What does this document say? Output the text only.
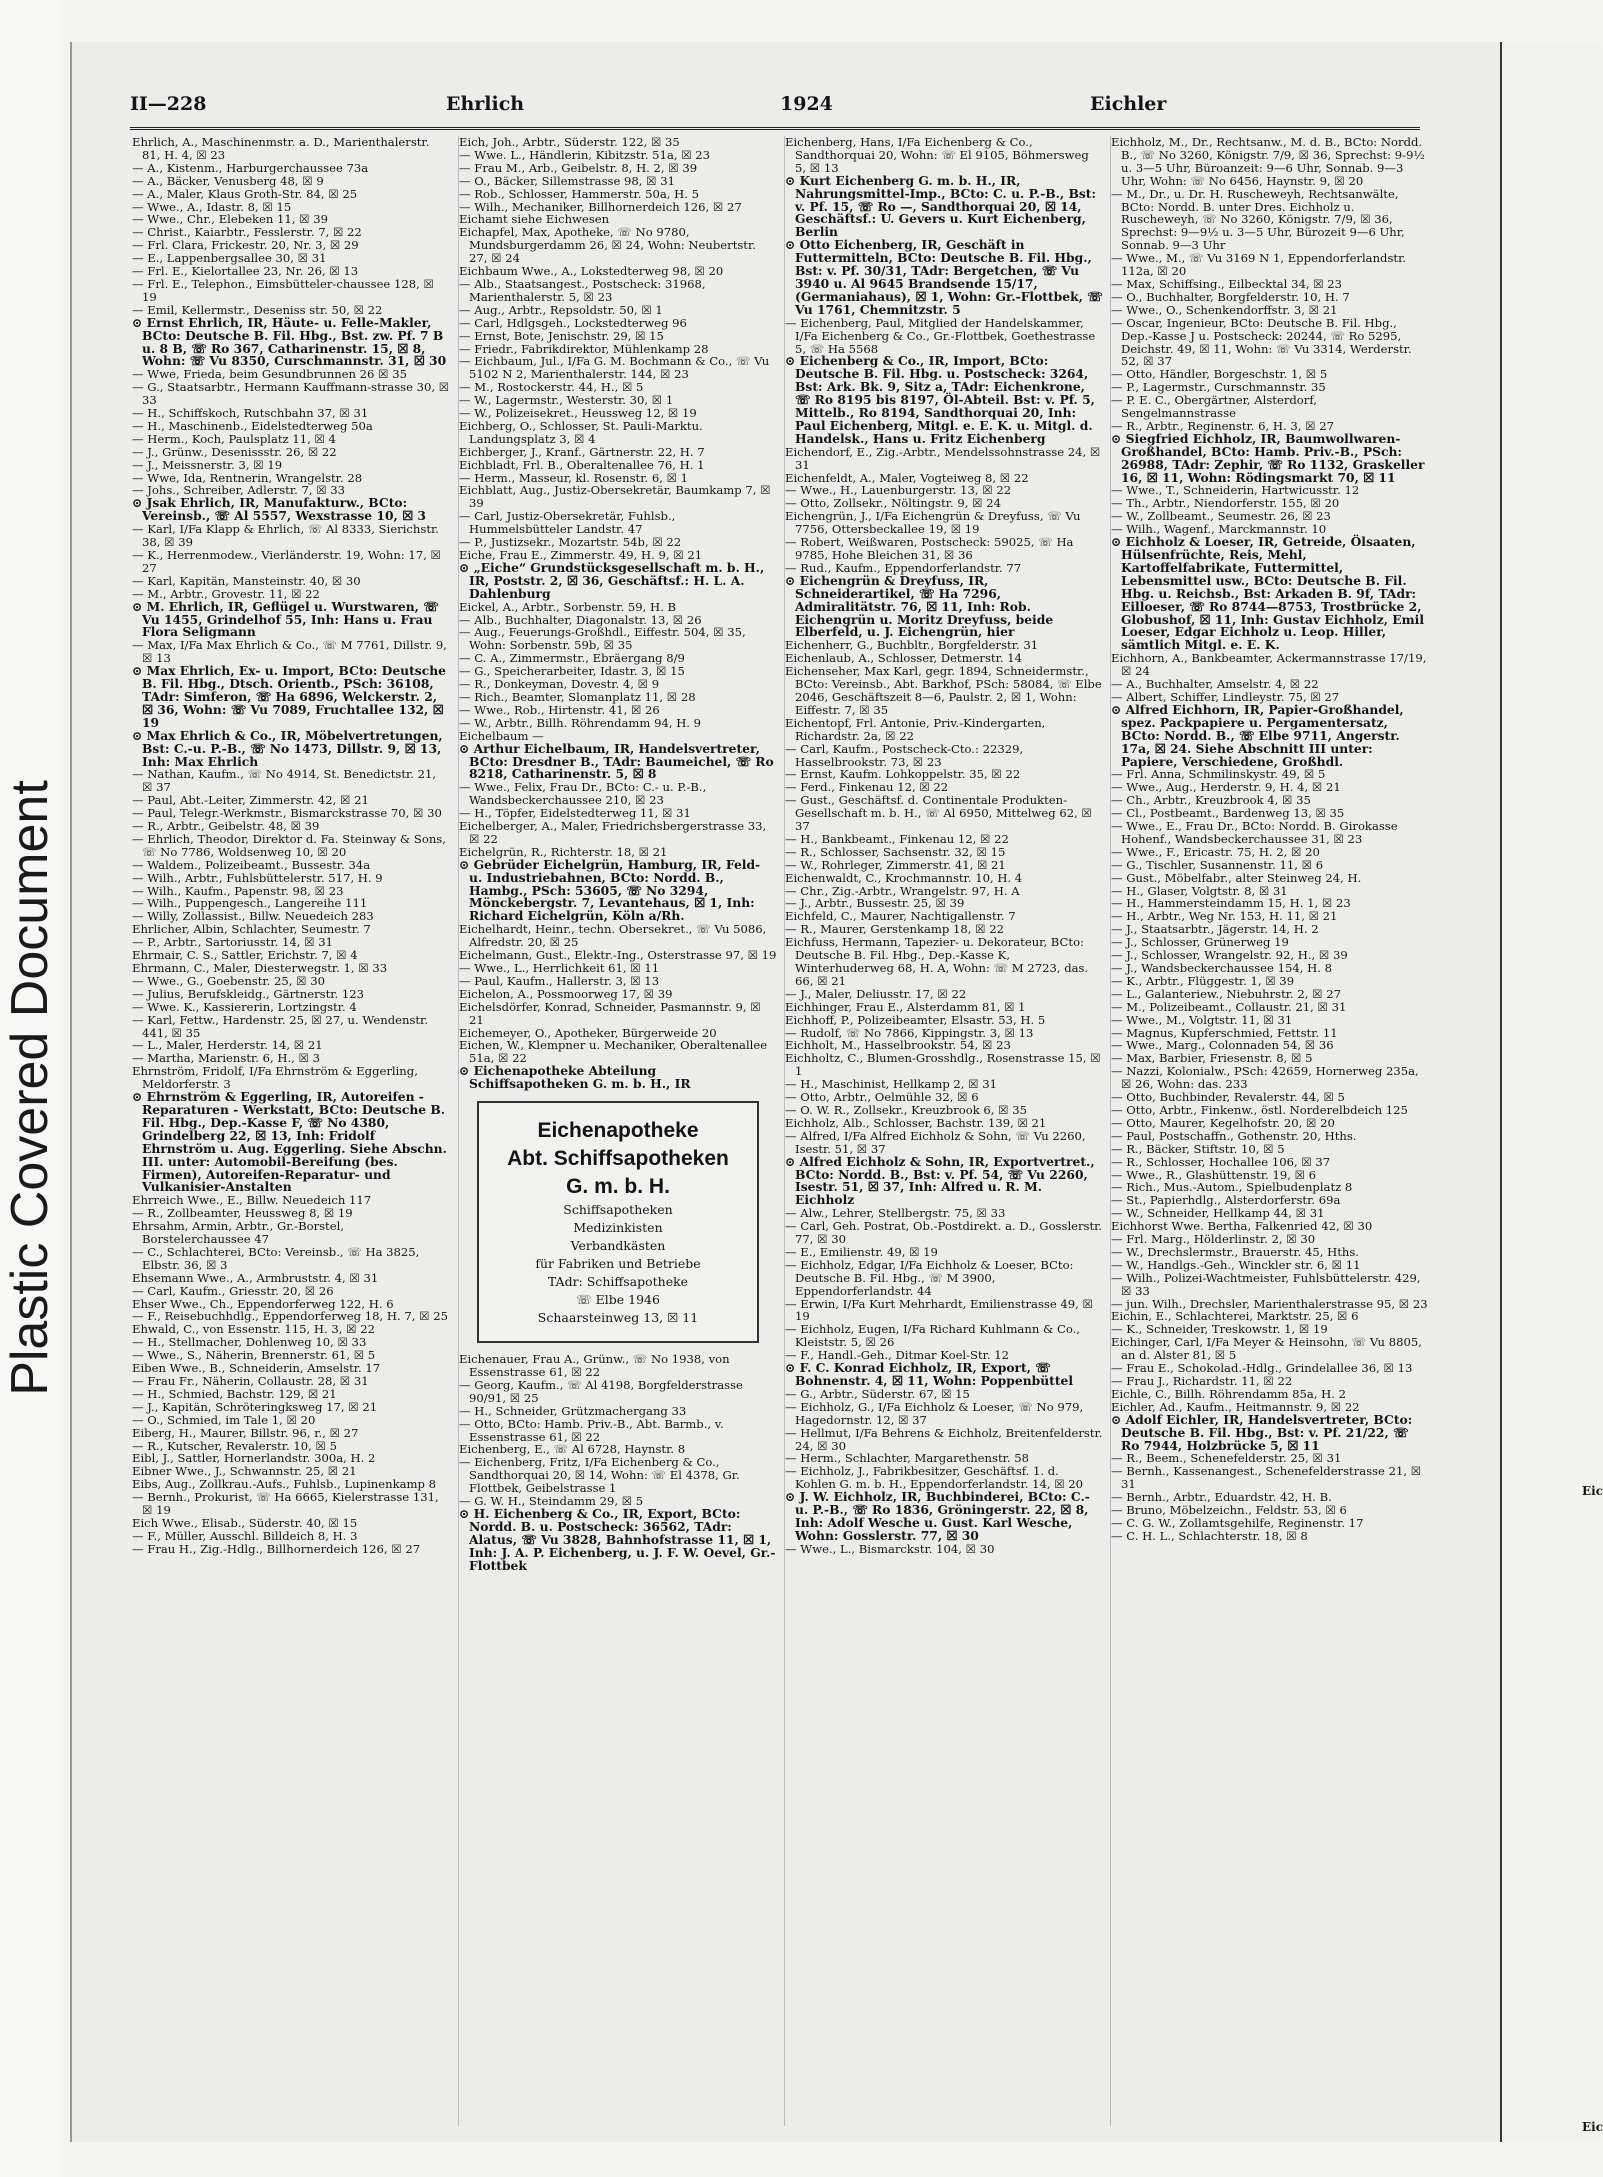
Plastic Covered Document
Eic
Eic
II—228	Ehrlich	1924	Eichler

Ehrlich, A., Maschinenmstr. a. D., Marienthalerstr. 81, H. 4, ☒ 23

— A., Kistenm., Harburgerchaussee 73a

— A., Bäcker, Venusberg 48, ☒ 9

— A., Maler, Klaus Groth-Str. 84, ☒ 25

— Wwe., A., Idastr. 8, ☒ 15

— Wwe., Chr., Elebeken 11, ☒ 39

— Christ., Kaiarbtr., Fesslerstr. 7, ☒ 22

— Frl. Clara, Frickestr. 20, Nr. 3, ☒ 29

— E., Lappenbergsallee 30, ☒ 31

— Frl. E., Kielortallee 23, Nr. 26, ☒ 13

— Frl. E., Telephon., Eimsbütteler-chaussee 128, ☒ 19

— Emil, Kellermstr., Deseniss str. 50, ☒ 22

⊙ Ernst Ehrlich, IR, Häute- u. Felle-Makler, BCto: Deutsche B. Fil. Hbg., Bst. zw. Pf. 7 B u. 8 B, ☏ Ro 367, Catharinenstr. 15, ☒ 8, Wohn: ☏ Vu 8350, Curschmannstr. 31, ☒ 30

— Wwe, Frieda, beim Gesundbrunnen 26 ☒ 35

— G., Staatsarbtr., Hermann Kauffmann-strasse 30, ☒ 33

— H., Schiffskoch, Rutschbahn 37, ☒ 31

— H., Maschinenb., Eidelstedterweg 50a

— Herm., Koch, Paulsplatz 11, ☒ 4

— J., Grünw., Desenissstr. 26, ☒ 22

— J., Meissnerstr. 3, ☒ 19

— Wwe, Ida, Rentnerin, Wrangelstr. 28

— Johs., Schreiber, Adlerstr. 7, ☒ 33

⊙ Jsak Ehrlich, IR, Manufakturw., BCto: Vereinsb., ☏ Al 5557, Wexstrasse 10, ☒ 3

— Karl, I/Fa Klapp & Ehrlich, ☏ Al 8333, Sierichstr. 38, ☒ 39

— K., Herrenmodew., Vierländerstr. 19, Wohn: 17, ☒ 27

— Karl, Kapitän, Mansteinstr. 40, ☒ 30

— M., Arbtr., Grovestr. 11, ☒ 22

⊙ M. Ehrlich, IR, Geflügel u. Wurstwaren, ☏ Vu 1455, Grindelhof 55, Inh: Hans u. Frau Flora Seligmann

— Max, I/Fa Max Ehrlich & Co., ☏ M 7761, Dillstr. 9, ☒ 13

⊙ Max Ehrlich, Ex- u. Import, BCto: Deutsche B. Fil. Hbg., Dtsch. Orientb., PSch: 36108, TAdr: Simferon, ☏ Ha 6896, Welckerstr. 2, ☒ 36, Wohn: ☏ Vu 7089, Fruchtallee 132, ☒ 19

⊙ Max Ehrlich & Co., IR, Möbelvertretungen, Bst: C.-u. P.-B., ☏ No 1473, Dillstr. 9, ☒ 13, Inh: Max Ehrlich

— Nathan, Kaufm., ☏ No 4914, St. Benedictstr. 21, ☒ 37

— Paul, Abt.-Leiter, Zimmerstr. 42, ☒ 21

— Paul, Telegr.-Werkmstr., Bismarckstrasse 70, ☒ 30

— R., Arbtr., Geibelstr. 48, ☒ 39

— Ehrlich, Theodor, Direktor d. Fa. Steinway & Sons, ☏ No 7786, Woldsenweg 10, ☒ 20

— Waldem., Polizeibeamt., Bussestr. 34a

— Wilh., Arbtr., Fuhlsbüttelerstr. 517, H. 9

— Wilh., Kaufm., Papenstr. 98, ☒ 23

— Wilh., Puppengesch., Langereihe 111

— Willy, Zollassist., Billw. Neuedeich 283

Ehrlicher, Albin, Schlachter, Seumestr. 7

— P., Arbtr., Sartoriusstr. 14, ☒ 31

Ehrmair, C. S., Sattler, Erichstr. 7, ☒ 4

Ehrmann, C., Maler, Diesterwegstr. 1, ☒ 33

— Wwe., G., Goebenstr. 25, ☒ 30

— Julius, Berufskleidg., Gärtnerstr. 123

— Wwe. K., Kassiererin, Lortzingstr. 4

— Karl, Fettw., Hardenstr. 25, ☒ 27, u. Wendenstr. 441, ☒ 35

— L., Maler, Herderstr. 14, ☒ 21

— Martha, Marienstr. 6, H., ☒ 3

Ehrnström, Fridolf, I/Fa Ehrnström & Eggerling, Meldorferstr. 3

⊙ Ehrnström & Eggerling, IR, Autoreifen - Reparaturen - Werkstatt, BCto: Deutsche B. Fil. Hbg., Dep.-Kasse F, ☏ No 4380, Grindelberg 22, ☒ 13, Inh: Fridolf Ehrnström u. Aug. Eggerling. Siehe Abschn. III. unter: Automobil-Bereifung (bes. Firmen), Autoreifen-Reparatur- und Vulkanisier-Anstalten

Ehrreich Wwe., E., Billw. Neuedeich 117

— R., Zollbeamter, Heussweg 8, ☒ 19

Ehrsahm, Armin, Arbtr., Gr.-Borstel, Borstelerchaussee 47

— C., Schlachterei, BCto: Vereinsb., ☏ Ha 3825, Elbstr. 36, ☒ 3

Ehsemann Wwe., A., Armbruststr. 4, ☒ 31

— Carl, Kaufm., Griesstr. 20, ☒ 26

Ehser Wwe., Ch., Eppendorferweg 122, H. 6

— F., Reisebuchhdlg., Eppendorferweg 18, H. 7, ☒ 25

Ehwald, C., von Essenstr. 115, H. 3, ☒ 22

— H., Stellmacher, Dohlenweg 10, ☒ 33

— Wwe., S., Näherin, Brennerstr. 61, ☒ 5

Eiben Wwe., B., Schneiderin, Amselstr. 17

— Frau Fr., Näherin, Collaustr. 28, ☒ 31

— H., Schmied, Bachstr. 129, ☒ 21

— J., Kapitän, Schröteringksweg 17, ☒ 21

— O., Schmied, im Tale 1, ☒ 20

Eiberg, H., Maurer, Billstr. 96, r., ☒ 27

— R., Kutscher, Revalerstr. 10, ☒ 5

Eibl, J., Sattler, Hornerlandstr. 300a, H. 2

Eibner Wwe., J., Schwannstr. 25, ☒ 21

Eibs, Aug., Zollkrau.-Aufs., Fuhlsb., Lupinenkamp 8

— Bernh., Prokurist, ☏ Ha 6665, Kielerstrasse 131, ☒ 19

Eich Wwe., Elisab., Süderstr. 40, ☒ 15

— F., Müller, Ausschl. Billdeich 8, H. 3

— Frau H., Zig.-Hdlg., Billhornerdeich 126, ☒ 27

Eich, Joh., Arbtr., Süderstr. 122, ☒ 35

— Wwe. L., Händlerin, Kibitzstr. 51a, ☒ 23

— Frau M., Arb., Geibelstr. 8, H. 2, ☒ 39

— O., Bäcker, Sillemstrasse 98, ☒ 31

— Rob., Schlosser, Hammerstr. 50a, H. 5

— Wilh., Mechaniker, Billhornerdeich 126, ☒ 27

Eichamt siehe Eichwesen

Eichapfel, Max, Apotheke, ☏ No 9780, Mundsburgerdamm 26, ☒ 24, Wohn: Neubertstr. 27, ☒ 24

Eichbaum Wwe., A., Lokstedterweg 98, ☒ 20

— Alb., Staatsangest., Postscheck: 31968, Marienthalerstr. 5, ☒ 23

— Aug., Arbtr., Repsoldstr. 50, ☒ 1

— Carl, Hdlgsgeh., Lockstedterweg 96

— Ernst, Bote, Jenischstr. 29, ☒ 15

— Friedr., Fabrikdirektor, Mühlenkamp 28

— Eichbaum, Jul., I/Fa G. M. Bochmann & Co., ☏ Vu 5102 N 2, Marienthalerstr. 144, ☒ 23

— M., Rostockerstr. 44, H., ☒ 5

— W., Lagermstr., Westerstr. 30, ☒ 1

— W., Polizeisekret., Heussweg 12, ☒ 19

Eichberg, O., Schlosser, St. Pauli-Marktu. Landungsplatz 3, ☒ 4

Eichberger, J., Kranf., Gärtnerstr. 22, H. 7

Eichbladt, Frl. B., Oberaltenallee 76, H. 1

— Herm., Masseur, kl. Rosenstr. 6, ☒ 1

Eichblatt, Aug., Justiz-Obersekretär, Baumkamp 7, ☒ 39

— Carl, Justiz-Obersekretär, Fuhlsb., Hummelsbütteler Landstr. 47

— P., Justizsekr., Mozartstr. 54b, ☒ 22

Eiche, Frau E., Zimmerstr. 49, H. 9, ☒ 21

⊙ „Eiche“ Grundstücksgesellschaft m. b. H., IR, Poststr. 2, ☒ 36, Geschäftsf.: H. L. A. Dahlenburg

Eickel, A., Arbtr., Sorbenstr. 59, H. B

— Alb., Buchhalter, Diagonalstr. 13, ☒ 26

— Aug., Feuerungs-Großhdl., Eiffestr. 504, ☒ 35, Wohn: Sorbenstr. 59b, ☒ 35

— C. A., Zimmermstr., Ebräergang 8/9

— G., Speicherarbeiter, Idastr. 3, ☒ 15

— R., Donkeyman, Dovestr. 4, ☒ 9

— Rich., Beamter, Slomanplatz 11, ☒ 28

— Wwe., Rob., Hirtenstr. 41, ☒ 26

— W., Arbtr., Billh. Röhrendamm 94, H. 9

Eichelbaum —

⊙ Arthur Eichelbaum, IR, Handelsvertreter, BCto: Dresdner B., TAdr: Baumeichel, ☏ Ro 8218, Catharinenstr. 5, ☒ 8

— Wwe., Felix, Frau Dr., BCto: C.- u. P.-B., Wandsbeckerchaussee 210, ☒ 23

— H., Töpfer, Eidelstedterweg 11, ☒ 31

Eichelberger, A., Maler, Friedrichsbergerstrasse 33, ☒ 22

Eichelgrün, R., Richterstr. 18, ☒ 21

⊙ Gebrüder Eichelgrün, Hamburg, IR, Feld- u. Industriebahnen, BCto: Nordd. B., Hambg., PSch: 53605, ☏ No 3294, Mönckebergstr. 7, Levantehaus, ☒ 1, Inh: Richard Eichelgrün, Köln a/Rh.

Eichelhardt, Heinr., techn. Obersekret., ☏ Vu 5086, Alfredstr. 20, ☒ 25

Eichelmann, Gust., Elektr.-Ing., Osterstrasse 97, ☒ 19

— Wwe., L., Herrlichkeit 61, ☒ 11

— Paul, Kaufm., Hallerstr. 3, ☒ 13

Eichelon, A., Possmoorweg 17, ☒ 39

Eichelsdörfer, Konrad, Schneider, Pasmannstr. 9, ☒ 21

Eichemeyer, O., Apotheker, Bürgerweide 20

Eichen, W., Klempner u. Mechaniker, Oberaltenallee 51a, ☒ 22

⊙ Eichenapotheke Abteilung Schiffsapotheken G. m. b. H., IR

Eichenapotheke

Abt. Schiffsapotheken

G. m. b. H.

Schiffsapotheken

Medizinkisten

Verbandkästen

für Fabriken und Betriebe

TAdr: Schiffsapotheke

☏ Elbe 1946

Schaarsteinweg 13, ☒ 11

Eichenauer, Frau A., Grünw., ☏ No 1938, von Essenstrasse 61, ☒ 22

— Georg, Kaufm., ☏ Al 4198, Borgfelderstrasse 90/91, ☒ 25

— H., Schneider, Grützmachergang 33

— Otto, BCto: Hamb. Priv.-B., Abt. Barmb., v. Essenstrasse 61, ☒ 22

Eichenberg, E., ☏ Al 6728, Haynstr. 8

— Eichenberg, Fritz, I/Fa Eichenberg & Co., Sandthorquai 20, ☒ 14, Wohn: ☏ El 4378, Gr. Flottbek, Geibelstrasse 1

— G. W. H., Steindamm 29, ☒ 5

⊙ H. Eichenberg & Co., IR, Export, BCto: Nordd. B. u. Postscheck: 36562, TAdr: Alatus, ☏ Vu 3828, Bahnhofstrasse 11, ☒ 1, Inh: J. A. P. Eichenberg, u. J. F. W. Oevel, Gr.-Flottbek

Eichenberg, Hans, I/Fa Eichenberg & Co., Sandthorquai 20, Wohn: ☏ El 9105, Böhmersweg 5, ☒ 13

⊙ Kurt Eichenberg G. m. b. H., IR, Nahrungsmittel-Imp., BCto: C. u. P.-B., Bst: v. Pf. 15, ☏ Ro —, Sandthorquai 20, ☒ 14, Geschäftsf.: U. Gevers u. Kurt Eichenberg, Berlin

⊙ Otto Eichenberg, IR, Geschäft in Futtermitteln, BCto: Deutsche B. Fil. Hbg., Bst: v. Pf. 30/31, TAdr: Bergetchen, ☏ Vu 3940 u. Al 9645 Brandsende 15/17, (Germaniahaus), ☒ 1, Wohn: Gr.-Flottbek, ☏ Vu 1761, Chemnitzstr. 5

— Eichenberg, Paul, Mitglied der Handelskammer, I/Fa Eichenberg & Co., Gr.-Flottbek, Goethestrasse 5, ☏ Ha 5568

⊙ Eichenberg & Co., IR, Import, BCto: Deutsche B. Fil. Hbg. u. Postscheck: 3264, Bst: Ark. Bk. 9, Sitz a, TAdr: Eichenkrone, ☏ Ro 8195 bis 8197, Öl-Abteil. Bst: v. Pf. 5, Mittelb., Ro 8194, Sandthorquai 20, Inh: Paul Eichenberg, Mitgl. e. E. K. u. Mitgl. d. Handelsk., Hans u. Fritz Eichenberg

Eichendorf, E., Zig.-Arbtr., Mendelssohnstrasse 24, ☒ 31

Eichenfeldt, A., Maler, Vogteiweg 8, ☒ 22

— Wwe., H., Lauenburgerstr. 13, ☒ 22

— Otto, Zollsekr., Nöltingstr. 9, ☒ 24

Eichengrün, J., I/Fa Eichengrün & Dreyfuss, ☏ Vu 7756, Ottersbeckallee 19, ☒ 19

— Robert, Weißwaren, Postscheck: 59025, ☏ Ha 9785, Hohe Bleichen 31, ☒ 36

— Rud., Kaufm., Eppendorferlandstr. 77

⊙ Eichengrün & Dreyfuss, IR, Schneiderartikel, ☏ Ha 7296, Admiralitätstr. 76, ☒ 11, Inh: Rob. Eichengrün u. Moritz Dreyfuss, beide Elberfeld, u. J. Eichengrün, hier

Eichenherr, G., Buchbltr., Borgfelderstr. 31

Eichenlaub, A., Schlosser, Detmerstr. 14

Eichenseher, Max Karl, gegr. 1894, Schneidermstr., BCto: Vereinsb., Abt. Barkhof, PSch: 58084, ☏ Elbe 2046, Geschäftszeit 8—6, Paulstr. 2, ☒ 1, Wohn: Eiffestr. 7, ☒ 35

Eichentopf, Frl. Antonie, Priv.-Kindergarten, Richardstr. 2a, ☒ 22

— Carl, Kaufm., Postscheck-Cto.: 22329, Hasselbrookstr. 73, ☒ 23

— Ernst, Kaufm. Lohkoppelstr. 35, ☒ 22

— Ferd., Finkenau 12, ☒ 22

— Gust., Geschäftsf. d. Continentale Produkten-Gesellschaft m. b. H., ☏ Al 6950, Mittelweg 62, ☒ 37

— H., Bankbeamt., Finkenau 12, ☒ 22

— R., Schlosser, Sachsenstr. 32, ☒ 15

— W., Rohrleger, Zimmerstr. 41, ☒ 21

Eichenwaldt, C., Krochmannstr. 10, H. 4

— Chr., Zig.-Arbtr., Wrangelstr. 97, H. A

— J., Arbtr., Bussestr. 25, ☒ 39

Eichfeld, C., Maurer, Nachtigallenstr. 7

— R., Maurer, Gerstenkamp 18, ☒ 22

Eichfuss, Hermann, Tapezier- u. Dekorateur, BCto: Deutsche B. Fil. Hbg., Dep.-Kasse K, Winterhuderweg 68, H. A, Wohn: ☏ M 2723, das. 66, ☒ 21

— J., Maler, Deliusstr. 17, ☒ 22

Eichhinger, Frau E., Alsterdamm 81, ☒ 1

Eichhoff, P., Polizeibeamter, Elsastr. 53, H. 5

— Rudolf, ☏ No 7866, Kippingstr. 3, ☒ 13

Eichholt, M., Hasselbrookstr. 54, ☒ 23

Eichholtz, C., Blumen-Grosshdlg., Rosenstrasse 15, ☒ 1

— H., Maschinist, Hellkamp 2, ☒ 31

— Otto, Arbtr., Oelmühle 32, ☒ 6

— O. W. R., Zollsekr., Kreuzbrook 6, ☒ 35

Eichholz, Alb., Schlosser, Bachstr. 139, ☒ 21

— Alfred, I/Fa Alfred Eichholz & Sohn, ☏ Vu 2260, Isestr. 51, ☒ 37

⊙ Alfred Eichholz & Sohn, IR, Exportvertret., BCto: Nordd. B., Bst: v. Pf. 54, ☏ Vu 2260, Isestr. 51, ☒ 37, Inh: Alfred u. R. M. Eichholz

— Alw., Lehrer, Stellbergstr. 75, ☒ 33

— Carl, Geh. Postrat, Ob.-Postdirekt. a. D., Gosslerstr. 77, ☒ 30

— E., Emilienstr. 49, ☒ 19

— Eichholz, Edgar, I/Fa Eichholz & Loeser, BCto: Deutsche B. Fil. Hbg., ☏ M 3900, Eppendorferlandstr. 44

— Erwin, I/Fa Kurt Mehrhardt, Emilienstrasse 49, ☒ 19

— Eichholz, Eugen, I/Fa Richard Kuhlmann & Co., Kleiststr. 5, ☒ 26

— F., Handl.-Geh., Ditmar Koel-Str. 12

⊙ F. C. Konrad Eichholz, IR, Export, ☏ Bohnenstr. 4, ☒ 11, Wohn: Poppenbüttel

— G., Arbtr., Süderstr. 67, ☒ 15

— Eichholz, G., I/Fa Eichholz & Loeser, ☏ No 979, Hagedornstr. 12, ☒ 37

— Hellmut, I/Fa Behrens & Eichholz, Breitenfelderstr. 24, ☒ 30

— Herm., Schlachter, Margarethenstr. 58

— Eichholz, J., Fabrikbesitzer, Geschäftsf. 1. d. Kohlen G. m. b. H., Eppendorferlandstr. 14, ☒ 20

⊙ J. W. Eichholz, IR, Buchbinderei, BCto: C.- u. P.-B., ☏ Ro 1836, Gröningerstr. 22, ☒ 8, Inh: Adolf Wesche u. Gust. Karl Wesche, Wohn: Gosslerstr. 77, ☒ 30

— Wwe., L., Bismarckstr. 104, ☒ 30

Eichholz, M., Dr., Rechtsanw., M. d. B., BCto: Nordd. B., ☏ No 3260, Königstr. 7/9, ☒ 36, Sprechst: 9-9½ u. 3—5 Uhr, Büroanzeit: 9—6 Uhr, Sonnab. 9—3 Uhr, Wohn: ☏ No 6456, Haynstr. 9, ☒ 20

— M., Dr., u. Dr. H. Ruscheweyh, Rechtsanwälte, BCto: Nordd. B. unter Dres. Eichholz u. Ruscheweyh, ☏ No 3260, Königstr. 7/9, ☒ 36, Sprechst: 9—9½ u. 3—5 Uhr, Bürozeit 9—6 Uhr, Sonnab. 9—3 Uhr

— Wwe., M., ☏ Vu 3169 N 1, Eppendorferlandstr. 112a, ☒ 20

— Max, Schiffsing., Eilbecktal 34, ☒ 23

— O., Buchhalter, Borgfelderstr. 10, H. 7

— Wwe., O., Schenkendorffstr. 3, ☒ 21

— Oscar, Ingenieur, BCto: Deutsche B. Fil. Hbg., Dep.-Kasse J u. Postscheck: 20244, ☏ Ro 5295, Deichstr. 49, ☒ 11, Wohn: ☏ Vu 3314, Werderstr. 52, ☒ 37

— Otto, Händler, Borgeschstr. 1, ☒ 5

— P., Lagermstr., Curschmannstr. 35

— P. E. C., Obergärtner, Alsterdorf, Sengelmannstrasse

— R., Arbtr., Reginenstr. 6, H. 3, ☒ 27

⊙ Siegfried Eichholz, IR, Baumwollwaren-Großhandel, BCto: Hamb. Priv.-B., PSch: 26988, TAdr: Zephir, ☏ Ro 1132, Graskeller 16, ☒ 11, Wohn: Rödingsmarkt 70, ☒ 11

— Wwe., T., Schneiderin, Hartwicusstr. 12

— Th., Arbtr., Niendorferstr. 155, ☒ 20

— W., Zollbeamt., Seumestr. 26, ☒ 23

— Wilh., Wagenf., Marckmannstr. 10

⊙ Eichholz & Loeser, IR, Getreide, Ölsaaten, Hülsenfrüchte, Reis, Mehl, Kartoffelfabrikate, Futtermittel, Lebensmittel usw., BCto: Deutsche B. Fil. Hbg. u. Reichsb., Bst: Arkaden B. 9f, TAdr: Eilloeser, ☏ Ro 8744—8753, Trostbrücke 2, Globushof, ☒ 11, Inh: Gustav Eichholz, Emil Loeser, Edgar Eichholz u. Leop. Hiller, sämtlich Mitgl. e. E. K.

Eichhorn, A., Bankbeamter, Ackermannstrasse 17/19, ☒ 24

— A., Buchhalter, Amselstr. 4, ☒ 22

— Albert, Schiffer, Lindleystr. 75, ☒ 27

⊙ Alfred Eichhorn, IR, Papier-Großhandel, spez. Packpapiere u. Pergamentersatz, BCto: Nordd. B., ☏ Elbe 9711, Angerstr. 17a, ☒ 24. Siehe Abschnitt III unter: Papiere, Verschiedene, Großhdl.

— Frl. Anna, Schmilinskystr. 49, ☒ 5

— Wwe., Aug., Herderstr. 9, H. 4, ☒ 21

— Ch., Arbtr., Kreuzbrook 4, ☒ 35

— Cl., Postbeamt., Bardenweg 13, ☒ 35

— Wwe., E., Frau Dr., BCto: Nordd. B. Girokasse Hohenf., Wandsbeckerchaussee 31, ☒ 23

— Wwe., F., Ericastr. 75, H. 2, ☒ 20

— G., Tischler, Susannenstr. 11, ☒ 6

— Gust., Möbelfabr., alter Steinweg 24, H.

— H., Glaser, Volgtstr. 8, ☒ 31

— H., Hammersteindamm 15, H. 1, ☒ 23

— H., Arbtr., Weg Nr. 153, H. 11, ☒ 21

— J., Staatsarbtr., Jägerstr. 14, H. 2

— J., Schlosser, Grünerweg 19

— J., Schlosser, Wrangelstr. 92, H., ☒ 39

— J., Wandsbeckerchaussee 154, H. 8

— K., Arbtr., Flüggestr. 1, ☒ 39

— L., Galanteriew., Niebuhrstr. 2, ☒ 27

— M., Polizeibeamt., Collaustr. 21, ☒ 31

— Wwe., M., Volgtstr. 11, ☒ 31

— Magnus, Kupferschmied, Fettstr. 11

— Wwe., Marg., Colonnaden 54, ☒ 36

— Max, Barbier, Friesenstr. 8, ☒ 5

— Nazzi, Kolonialw., PSch: 42659, Hornerweg 235a, ☒ 26, Wohn: das. 233

— Otto, Buchbinder, Revalerstr. 44, ☒ 5

— Otto, Arbtr., Finkenw., östl. Norderelbdeich 125

— Otto, Maurer, Kegelhofstr. 20, ☒ 20

— Paul, Postschaffn., Gothenstr. 20, Hths.

— R., Bäcker, Stiftstr. 10, ☒ 5

— R., Schlosser, Hochallee 106, ☒ 37

— Wwe., R., Glashüttenstr. 19, ☒ 6

— Rich., Mus.-Autom., Spielbudenplatz 8

— St., Papierhdlg., Alsterdorferstr. 69a

— W., Schneider, Hellkamp 44, ☒ 31

Eichhorst Wwe. Bertha, Falkenried 42, ☒ 30

— Frl. Marg., Hölderlinstr. 2, ☒ 30

— W., Drechslermstr., Brauerstr. 45, Hths.

— W., Handlgs.-Geh., Winckler str. 6, ☒ 11

— Wilh., Polizei-Wachtmeister, Fuhlsbüttelerstr. 429, ☒ 33

— jun. Wilh., Drechsler, Marienthalerstrasse 95, ☒ 23

Eichin, E., Schlachterei, Marktstr. 25, ☒ 6

— K., Schneider, Treskowstr. 1, ☒ 19

Eichinger, Carl, I/Fa Meyer & Heinsohn, ☏ Vu 8805, an d. Alster 81, ☒ 5

— Frau E., Schokolad.-Hdlg., Grindelallee 36, ☒ 13

— Frau J., Richardstr. 11, ☒ 22

Eichle, C., Billh. Röhrendamm 85a, H. 2

Eichler, Ad., Kaufm., Heitmannstr. 9, ☒ 22

⊙ Adolf Eichler, IR, Handelsvertreter, BCto: Deutsche B. Fil. Hbg., Bst: v. Pf. 21/22, ☏ Ro 7944, Holzbrücke 5, ☒ 11

— R., Beem., Schenefelderstr. 25, ☒ 31

— Bernh., Kassenangest., Schenefelderstrasse 21, ☒ 31

— Bernh., Arbtr., Eduardstr. 42, H. B.

— Bruno, Möbelzeichn., Feldstr. 53, ☒ 6

— C. G. W., Zollamtsgehilfe, Reginenstr. 17

— C. H. L., Schlachterstr. 18, ☒ 8
